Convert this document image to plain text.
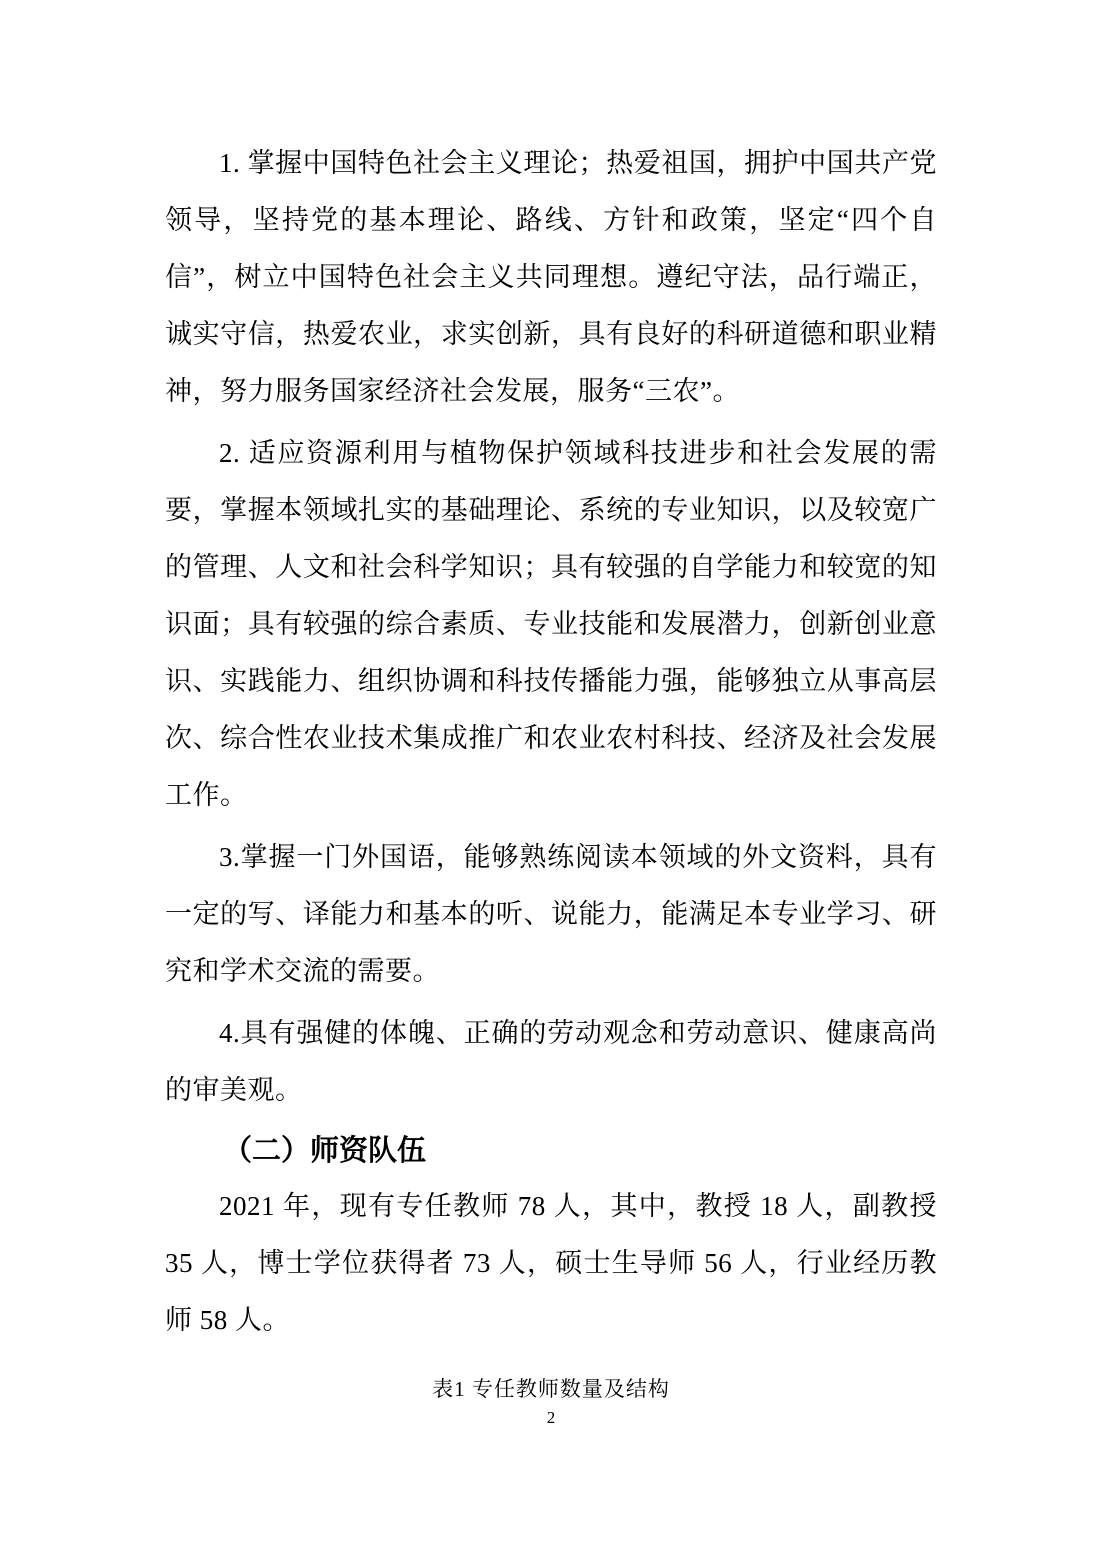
1. 掌握中国特色社会主义理论；热爱祖国，拥护中国共产党领导，坚持党的基本理论、路线、方针和政策，坚定“四个自信”，树立中国特色社会主义共同理想。遵纪守法，品行端正，诚实守信，热爱农业，求实创新，具有良好的科研道德和职业精神，努力服务国家经济社会发展，服务“三农”。

2. 适应资源利用与植物保护领域科技进步和社会发展的需要，掌握本领域扎实的基础理论、系统的专业知识，以及较宽广的管理、人文和社会科学知识；具有较强的自学能力和较宽的知识面；具有较强的综合素质、专业技能和发展潜力，创新创业意识、实践能力、组织协调和科技传播能力强，能够独立从事高层次、综合性农业技术集成推广和农业农村科技、经济及社会发展工作。

3.掌握一门外国语，能够熟练阅读本领域的外文资料，具有一定的写、译能力和基本的听、说能力，能满足本专业学习、研究和学术交流的需要。

4.具有强健的体魄、正确的劳动观念和劳动意识、健康高尚的审美观。

（二）师资队伍

2021 年，现有专任教师 78 人，其中，教授 18 人，副教授 35 人，博士学位获得者 73 人，硕士生导师 56 人，行业经历教师 58 人。

表1 专任教师数量及结构

2
